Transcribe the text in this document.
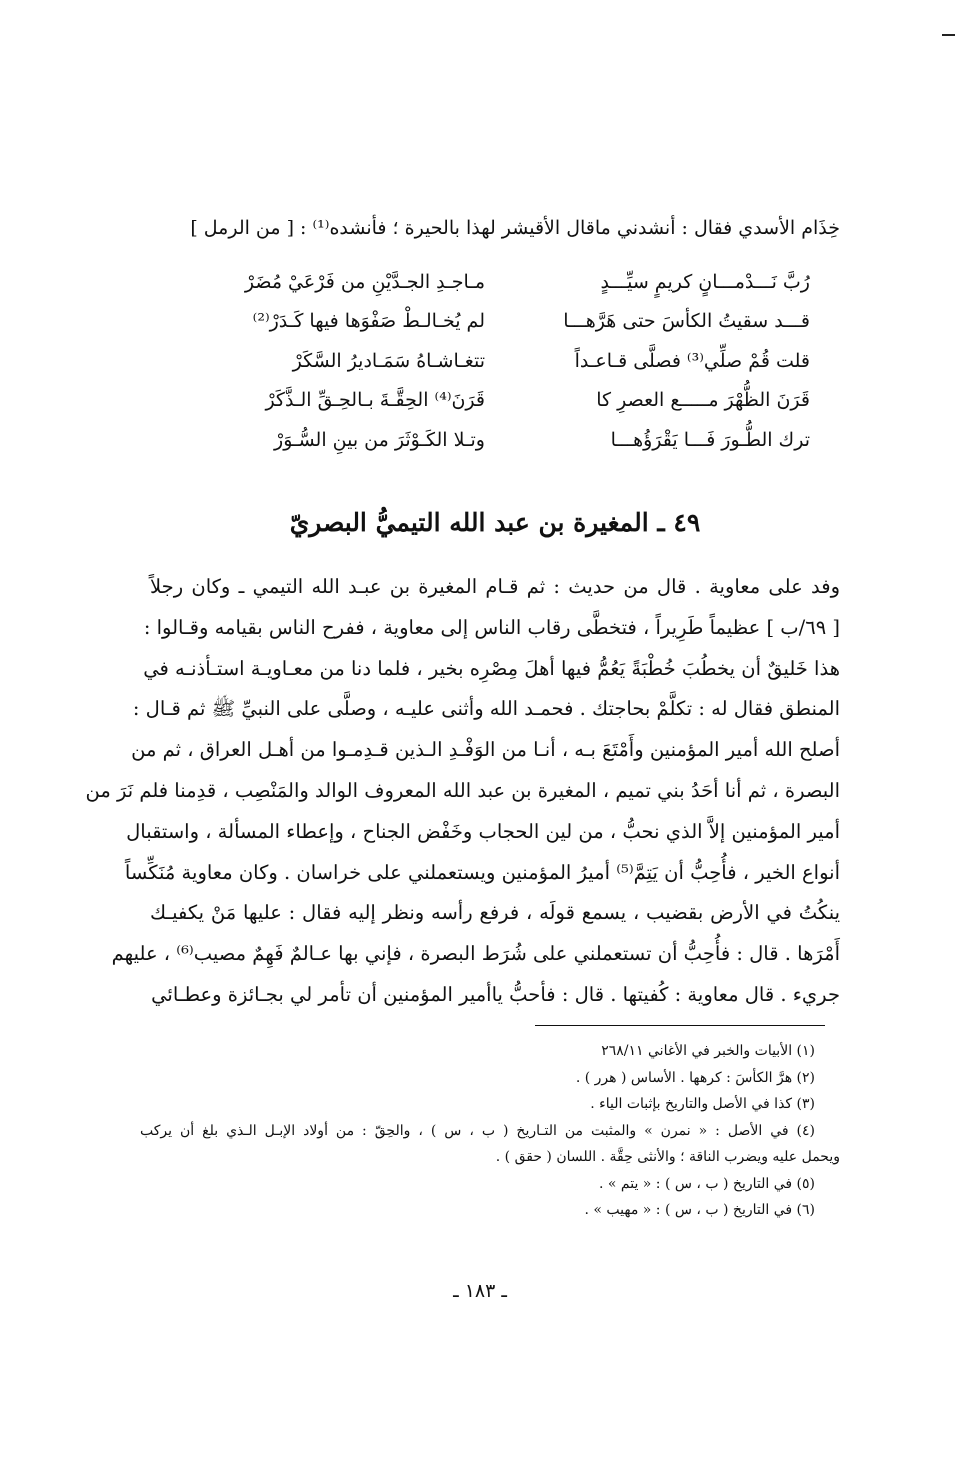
خِذَام الأسدي فقال : أنشدني ماقال الأقيشر لهذا بالحيرة ؛ فأنشده⁽¹⁾ : [ من الرمل ]
رُبَّ نَـــدْمـــانٍ كريمٍ سيِّـــدٍ
مـاجـدِ الجـدَّيْنِ من فَرْعَيْ مُضَرْ
قـــد سقيتُ الكأسَ حتى هَرَّهـــا
لم يُخـالـطْ صَفْوَها فيها كَـدَرْ⁽²⁾
قلت قُمْ صلِّي⁽³⁾ فصلَّى قـاعـداً
تتغـاشـاهُ سَمَـاديرُ السَّكَرْ
قَرَنَ الظُّهْرَ مـــــع العصرِ كا
قَرَنَ⁽⁴⁾ الحِقَّـةَ بـالحِـقِّ الـذَّكَرْ
ترك الطُّـورَ فَـــا يَقْرَؤُهـــا
وتـلا الكَـوْثَرَ من بينِ السُّـوَرْ
٤٩ ـ المغيرة بن عبد الله التيميُّ البصريّ
وفد على معاوية . قال من حديث : ثم قـام المغيرة بن عبـد الله التيمي ـ وكان رجلاً
[ ٦٩/ب ] عظيماً طَرِيراً ، فتخطَّى رقاب الناس إلى معاوية ، ففرح الناس بقيامه وقـالوا :
هذا خَليقٌ أن يخطُبَ خُطْبَةً يَعُمُّ فيها أهلَ مِصْرِه بخير ، فلما دنا من معـاويـة استـأذنـه في
المنطق فقال له : تكلَّمْ بحاجتك . فحمـد الله وأثنى عليـه ، وصلَّى على النبيِّ ﷺ ثم قـال :
أصلح الله أمير المؤمنين وأَمْتَعَ بـه ، أنـا من الوَفْـدِ الـذين قـدِمـوا من أهـل العراق ، ثم من
البصرة ، ثم أنا أحَدُ بني تميم ، المغيرة بن عبد الله المعروف الوالد والمَنْصِب ، قدِمنا فلم نَرَ من
أمير المؤمنين إلاَّ الذي نحبُّ ، من لين الحجاب وخَفْض الجناح ، وإعطاء المسألة ، واستقبال
أنواع الخير ، فأُحِبُّ أن يَتِمَّ⁽⁵⁾ أميرُ المؤمنين ويستعملني على خراسان . وكان معاوية مُنَكِّساً
ينكُتُ في الأرض بقضيب ، يسمع قولَه ، فرفع رأسه ونظر إليه فقال : عليها مَنْ يكفيـك
أَمْرَها . قال : فأُحِبُّ أن تستعملني على شُرَط البصرة ، فإني بها عـالمٌ فَهِمٌ مصيب⁽⁶⁾ ، عليهم
جريء . قال معاوية : كُفيتها . قال : فأحبُّ ياأمير المؤمنين أن تأمر لي بجـائزة وعطـائي
(١) الأبيات والخبر في الأغاني ٢٦٨/١١
(٢) هرَّ الكأسَ : كرهها . الأساس ( هرر ) .
(٣) كذا في الأصل والتاريخ بإثبات الياء .
(٤) في الأصل : « نمرن » والمثبت من التـاريخ ( ب ، س ) ، والحِقّ : من أولاد الإبـل الـذي بلغ أن يركب
ويحمل عليه ويضرب الناقة ؛ والأنثى حِقَّة . اللسان ( حقق ) .
(٥) في التاريخ ( ب ، س ) : « يتم » .
(٦) في التاريخ ( ب ، س ) : « مهيب » .
ـ ١٨٣ ـ
